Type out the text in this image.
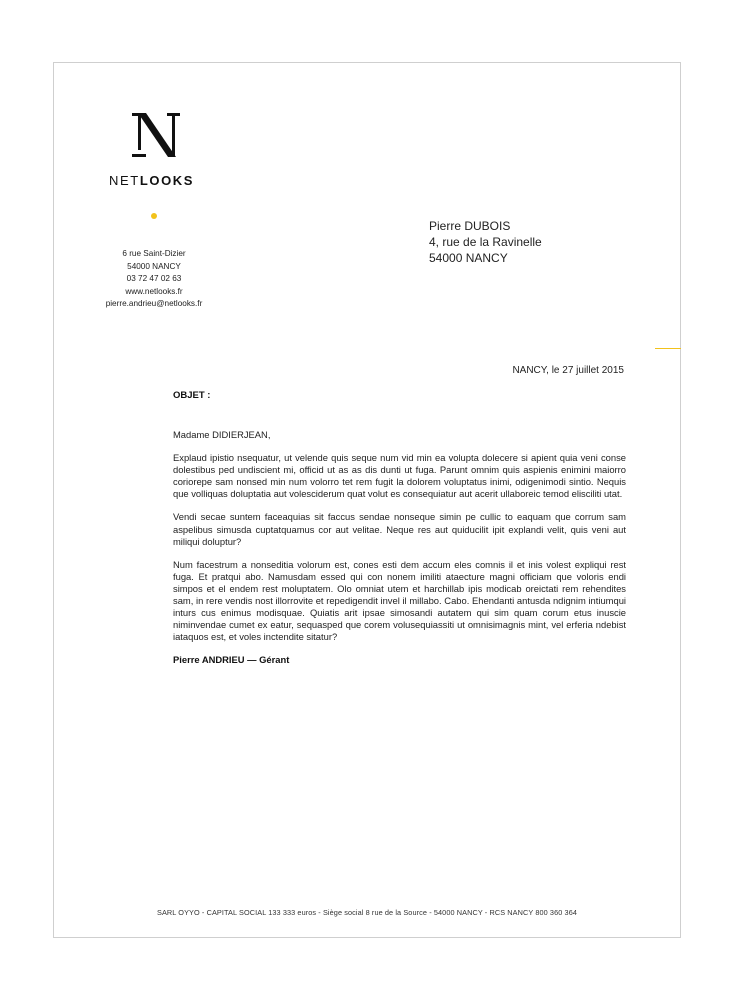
NETLOOKS
6 rue Saint-Dizier
54000 NANCY
03 72 47 02 63
www.netlooks.fr
pierre.andrieu@netlooks.fr
Pierre DUBOIS
4, rue de la Ravinelle
54000 NANCY
NANCY, le 27 juillet 2015
OBJET :

Madame DIDIERJEAN,

Explaud ipistio nsequatur, ut velende quis seque num vid min ea volupta dolecere si apient quia veni conse dolestibus ped undiscient mi, officid ut as as dis dunti ut fuga. Parunt omnim quis aspienis enimini maiorro coriorepe sam nonsed min num volorro tet rem fugit la dolorem voluptatus inimi, odigenimodi sintio. Nequis que volliquas doluptatia aut volesciderum quat volut es consequiatur aut acerit ullaboreic temod elisciliti utat.

Vendi secae suntem faceaquias sit faccus sendae nonseque simin pe cullic to eaquam que corrum sam aspelibus simusda cuptatquamus cor aut velitae. Neque res aut quiducilit ipit explandi velit, quis veni aut miliqui doluptur?

Num facestrum a nonseditia volorum est, cones esti dem accum eles comnis il et inis volest expliqui rest fuga. Et pratqui abo. Namusdam essed qui con nonem imiliti ataecture magni officiam que voloris endi simpos et el endem rest moluptatem. Olo omniat utem et harchillab ipis modicab oreictati rem rehendites sam, in rere vendis nost illorrovite et repedigendit invel il millabo. Cabo. Ehendanti antusda ndignim intiumqui inturs cus enimus modisquae. Quiatis arit ipsae simosandi autatem qui sim quam corum etus inuscie niminvendae cumet ex eatur, sequasped que corem volusequiassiti ut omnisimagnis mint, vel erferia ndebist iataquos est, et voles inctendite sitatur?

Pierre ANDRIEU — Gérant
SARL OYYO - CAPITAL SOCIAL 133 333 euros - Siège social 8 rue de la Source - 54000 NANCY - RCS NANCY 800 360 364
